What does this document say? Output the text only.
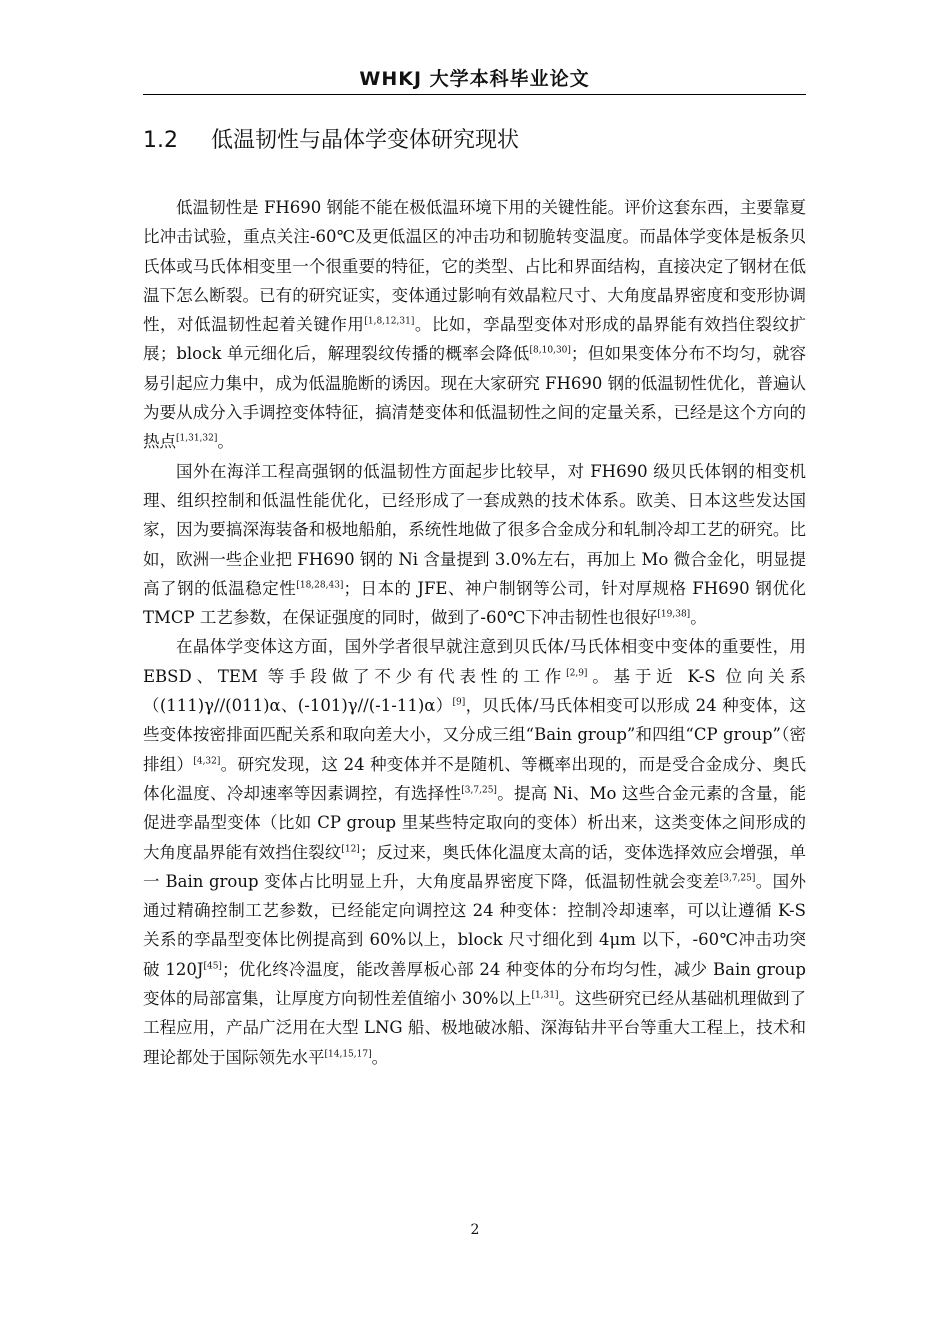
WHKJ 大学本科毕业论文
1.2 低温韧性与晶体学变体研究现状

低温韧性是 FH690 钢能不能在极低温环境下用的关键性能。评价这套东西，主要靠夏比冲击试验，重点关注-60℃及更低温区的冲击功和韧脆转变温度。而晶体学变体是板条贝氏体或马氏体相变里一个很重要的特征，它的类型、占比和界面结构，直接决定了钢材在低温下怎么断裂。已有的研究证实，变体通过影响有效晶粒尺寸、大角度晶界密度和变形协调性，对低温韧性起着关键作用[1,8,12,31]。比如，孪晶型变体对形成的晶界能有效挡住裂纹扩展；block 单元细化后，解理裂纹传播的概率会降低[8,10,30]；但如果变体分布不均匀，就容易引起应力集中，成为低温脆断的诱因。现在大家研究 FH690 钢的低温韧性优化，普遍认为要从成分入手调控变体特征，搞清楚变体和低温韧性之间的定量关系，已经是这个方向的热点[1,31,32]。

国外在海洋工程高强钢的低温韧性方面起步比较早，对 FH690 级贝氏体钢的相变机理、组织控制和低温性能优化，已经形成了一套成熟的技术体系。欧美、日本这些发达国家，因为要搞深海装备和极地船舶，系统性地做了很多合金成分和轧制冷却工艺的研究。比如，欧洲一些企业把 FH690 钢的 Ni 含量提到 3.0%左右，再加上 Mo 微合金化，明显提高了钢的低温稳定性[18,28,43]；日本的 JFE、神户制钢等公司，针对厚规格 FH690 钢优化 TMCP 工艺参数，在保证强度的同时，做到了-60℃下冲击韧性也很好[19,38]。

在晶体学变体这方面，国外学者很早就注意到贝氏体/马氏体相变中变体的重要性，用 EBSD、TEM 等手段做了不少有代表性的工作[2,9]。基于近 K-S 位向关系（(111)γ//(011)α、(-101)γ//(-1-11)α）[9]，贝氏体/马氏体相变可以形成 24 种变体，这些变体按密排面匹配关系和取向差大小，又分成三组“Bain group”和四组“CP group”（密排组）[4,32]。研究发现，这 24 种变体并不是随机、等概率出现的，而是受合金成分、奥氏体化温度、冷却速率等因素调控，有选择性[3,7,25]。提高 Ni、Mo 这些合金元素的含量，能促进孪晶型变体（比如 CP group 里某些特定取向的变体）析出来，这类变体之间形成的大角度晶界能有效挡住裂纹[12]；反过来，奥氏体化温度太高的话，变体选择效应会增强，单一 Bain group 变体占比明显上升，大角度晶界密度下降，低温韧性就会变差[3,7,25]。国外通过精确控制工艺参数，已经能定向调控这 24 种变体：控制冷却速率，可以让遵循 K-S 关系的孪晶型变体比例提高到 60%以上，block 尺寸细化到 4μm 以下，-60℃冲击功突破 120J[45]；优化终冷温度，能改善厚板心部 24 种变体的分布均匀性，减少 Bain group 变体的局部富集，让厚度方向韧性差值缩小 30%以上[1,31]。这些研究已经从基础机理做到了工程应用，产品广泛用在大型 LNG 船、极地破冰船、深海钻井平台等重大工程上，技术和理论都处于国际领先水平[14,15,17]。

2
